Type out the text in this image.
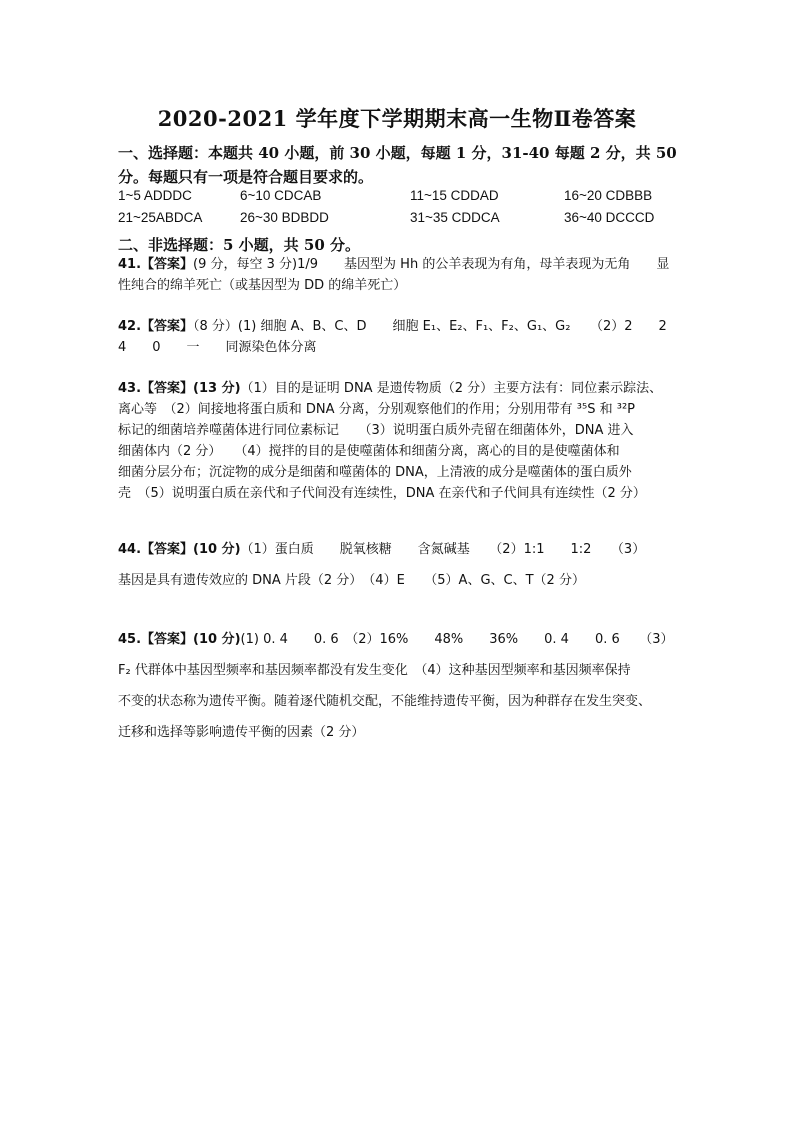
2020-2021 学年度下学期期末高一生物Ⅱ卷答案
一、选择题：本题共 40 小题，前 30 小题，每题 1 分，31-40 每题 2 分，共 50
分。每题只有一项是符合题目要求的。
1~5 ADDDC	6~10 CDCAB	11~15 CDDAD	16~20 CDBBB
21~25ABDCA	26~30 BDBDD	31~35 CDDCA	36~40 DCCCD
二、非选择题：5 小题，共 50 分。
41.【答案】(9 分，每空 3 分)1/9　　基因型为 Hh 的公羊表现为有角，母羊表现为无角　　显
性纯合的绵羊死亡（或基因型为 DD 的绵羊死亡）
42.【答案】（8 分）(1) 细胞 A、B、C、D　　细胞 E₁、E₂、F₁、F₂、G₁、G₂　　（2）2　　2
4　　0　　一　　同源染色体分离
43.【答案】(13 分)（1）目的是证明 DNA 是遗传物质（2 分）主要方法有：同位素示踪法、
离心等　（2）间接地将蛋白质和 DNA 分离，分别观察他们的作用；分别用带有 ³⁵S 和 ³²P
标记的细菌培养噬菌体进行同位素标记　　（3）说明蛋白质外壳留在细菌体外，DNA 进入
细菌体内（2 分）　　（4）搅拌的目的是使噬菌体和细菌分离，离心的目的是使噬菌体和
细菌分层分布；沉淀物的成分是细菌和噬菌体的 DNA，上清液的成分是噬菌体的蛋白质外
壳　（5）说明蛋白质在亲代和子代间没有连续性，DNA 在亲代和子代间具有连续性（2 分）
44.【答案】(10 分)（1）蛋白质　　脱氧核糖　　含氮碱基　　（2）1:1　　1:2　　（3）
基因是具有遗传效应的 DNA 片段（2 分）　（4）E　　（5）A、G、C、T（2 分）
45.【答案】(10 分)(1) 0. 4　　0. 6　（2）16%　　48%　　36%　　0. 4　　0. 6　　（3）
F₂ 代群体中基因型频率和基因频率都没有发生变化　（4）这种基因型频率和基因频率保持
不变的状态称为遗传平衡。随着逐代随机交配，不能维持遗传平衡，因为种群存在发生突变、
迁移和选择等影响遗传平衡的因素（2 分）
